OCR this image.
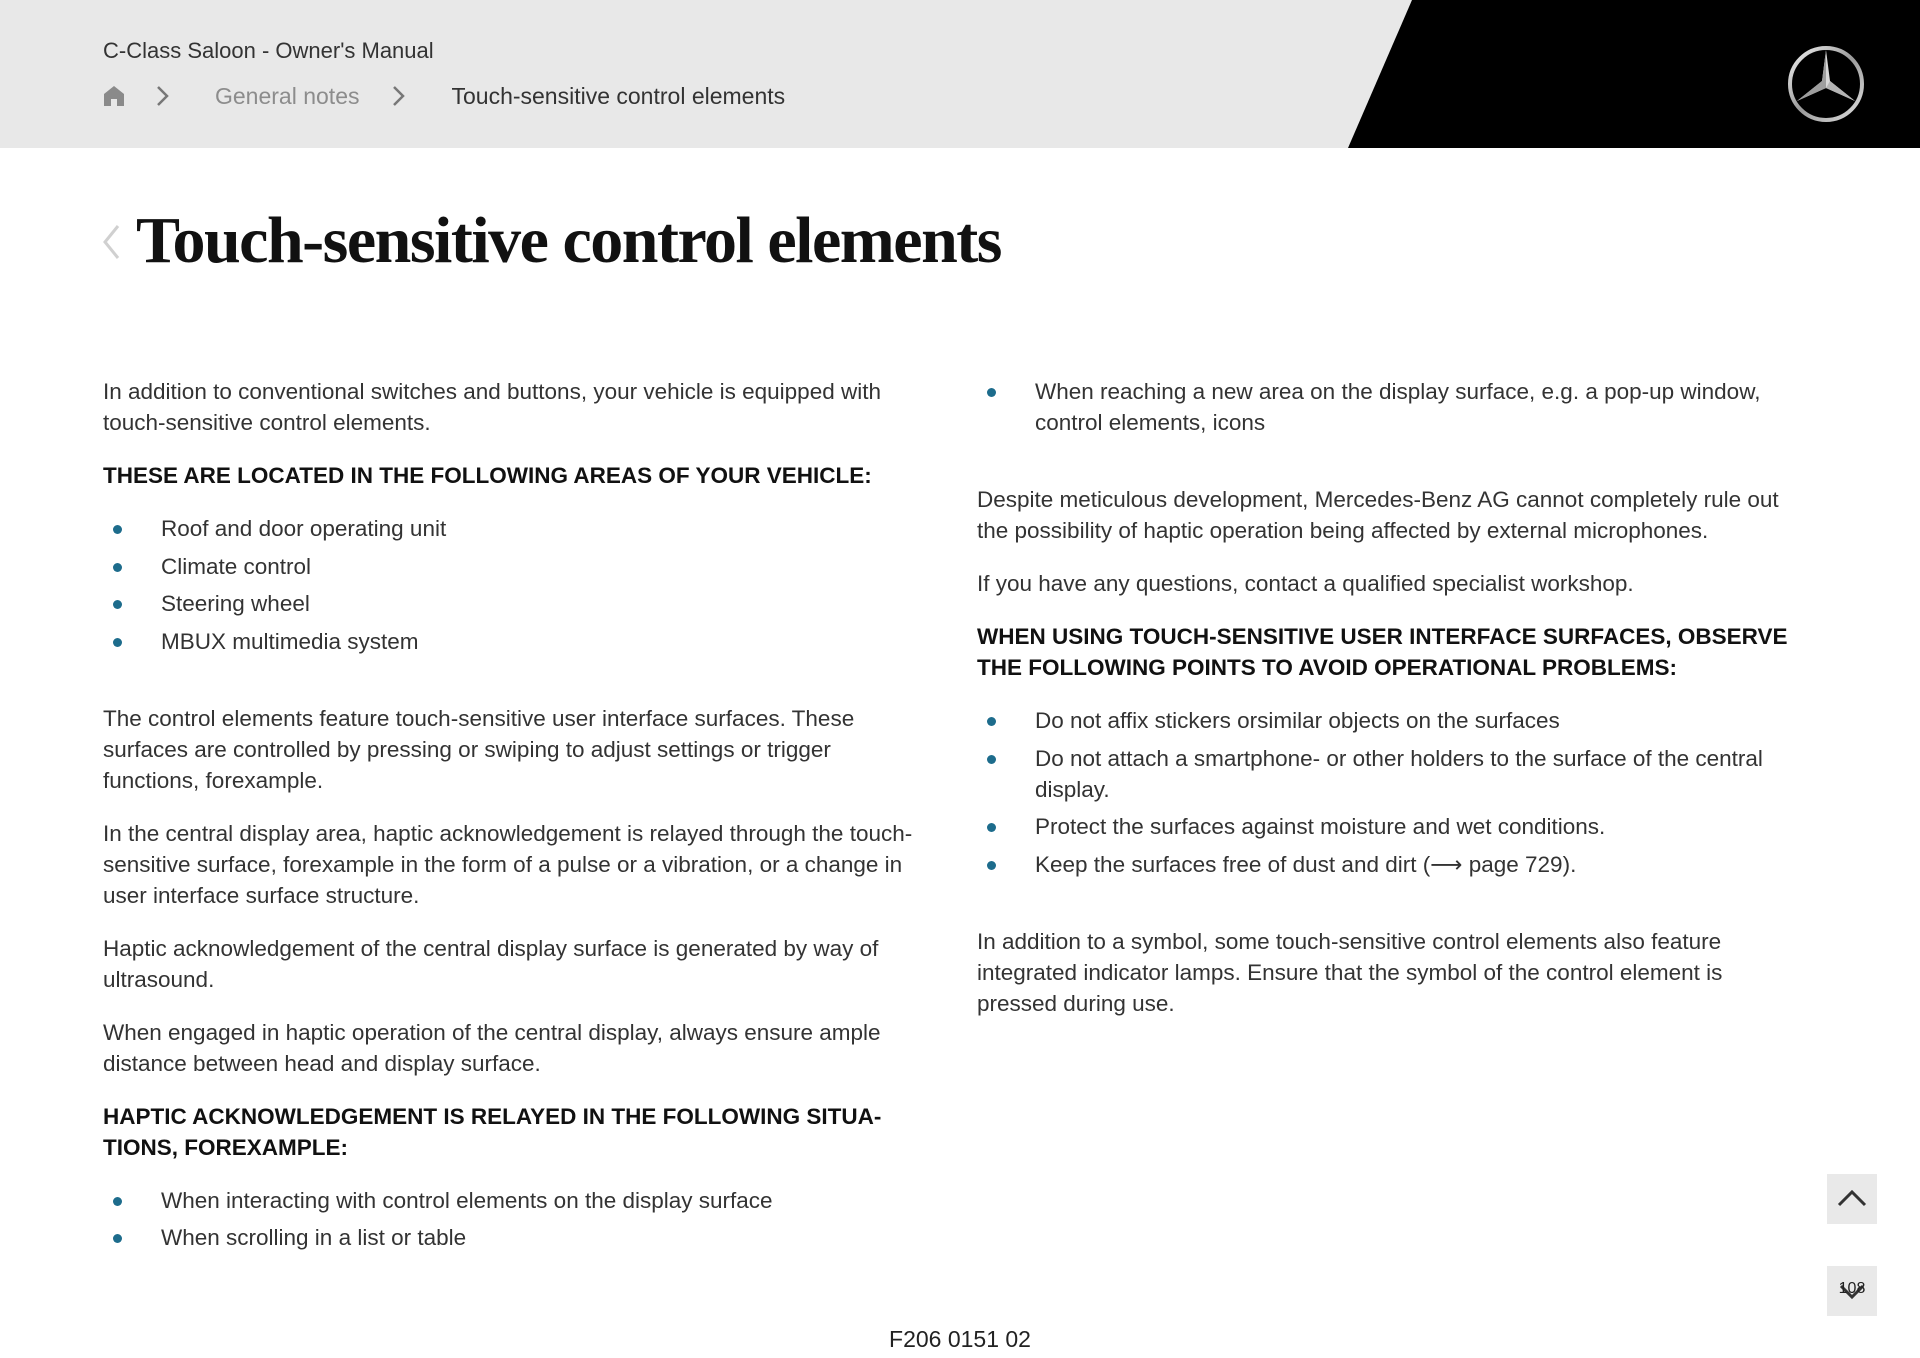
C-Class Saloon - Owner's Manual
General notes	Touch-sensitive control elements
Touch-sensitive control elements

In addition to conventional switches and buttons, your vehicle is equipped with touch-sensitive control elements.

THESE ARE LOCATED IN THE FOLLOWING AREAS OF YOUR VEHICLE:
Roof and door operating unit
Climate control
Steering wheel
MBUX multimedia system

The control elements feature touch-sensitive user interface surfaces. These surfaces are controlled by pressing or swiping to adjust settings or trigger functions, forexample.

In the central display area, haptic acknowledgement is relayed through the touch-sensitive surface, forexample in the form of a pulse or a vibration, or a change in user interface surface structure.

Haptic acknowledgement of the central display surface is generated by way of ultrasound.

When engaged in haptic operation of the central display, always ensure ample distance between head and display surface.

HAPTIC ACKNOWLEDGEMENT IS RELAYED IN THE FOLLOWING SITUA-TIONS, FOREXAMPLE:
When interacting with control elements on the display surface
When scrolling in a list or table
When reaching a new area on the display surface, e.g. a pop-up window, control elements, icons

Despite meticulous development, Mercedes-Benz AG cannot completely rule out the possibility of haptic operation being affected by external microphones.

If you have any questions, contact a qualified specialist workshop.

WHEN USING TOUCH-SENSITIVE USER INTERFACE SURFACES, OBSERVE THE FOLLOWING POINTS TO AVOID OPERATIONAL PROBLEMS:
Do not affix stickers orsimilar objects on the surfaces
Do not attach a smartphone- or other holders to the surface of the central display.
Protect the surfaces against moisture and wet conditions.
Keep the surfaces free of dust and dirt (⟶ page 729).

In addition to a symbol, some touch-sensitive control elements also feature integrated indicator lamps. Ensure that the symbol of the control element is pressed during use.

108
F206 0151 02
